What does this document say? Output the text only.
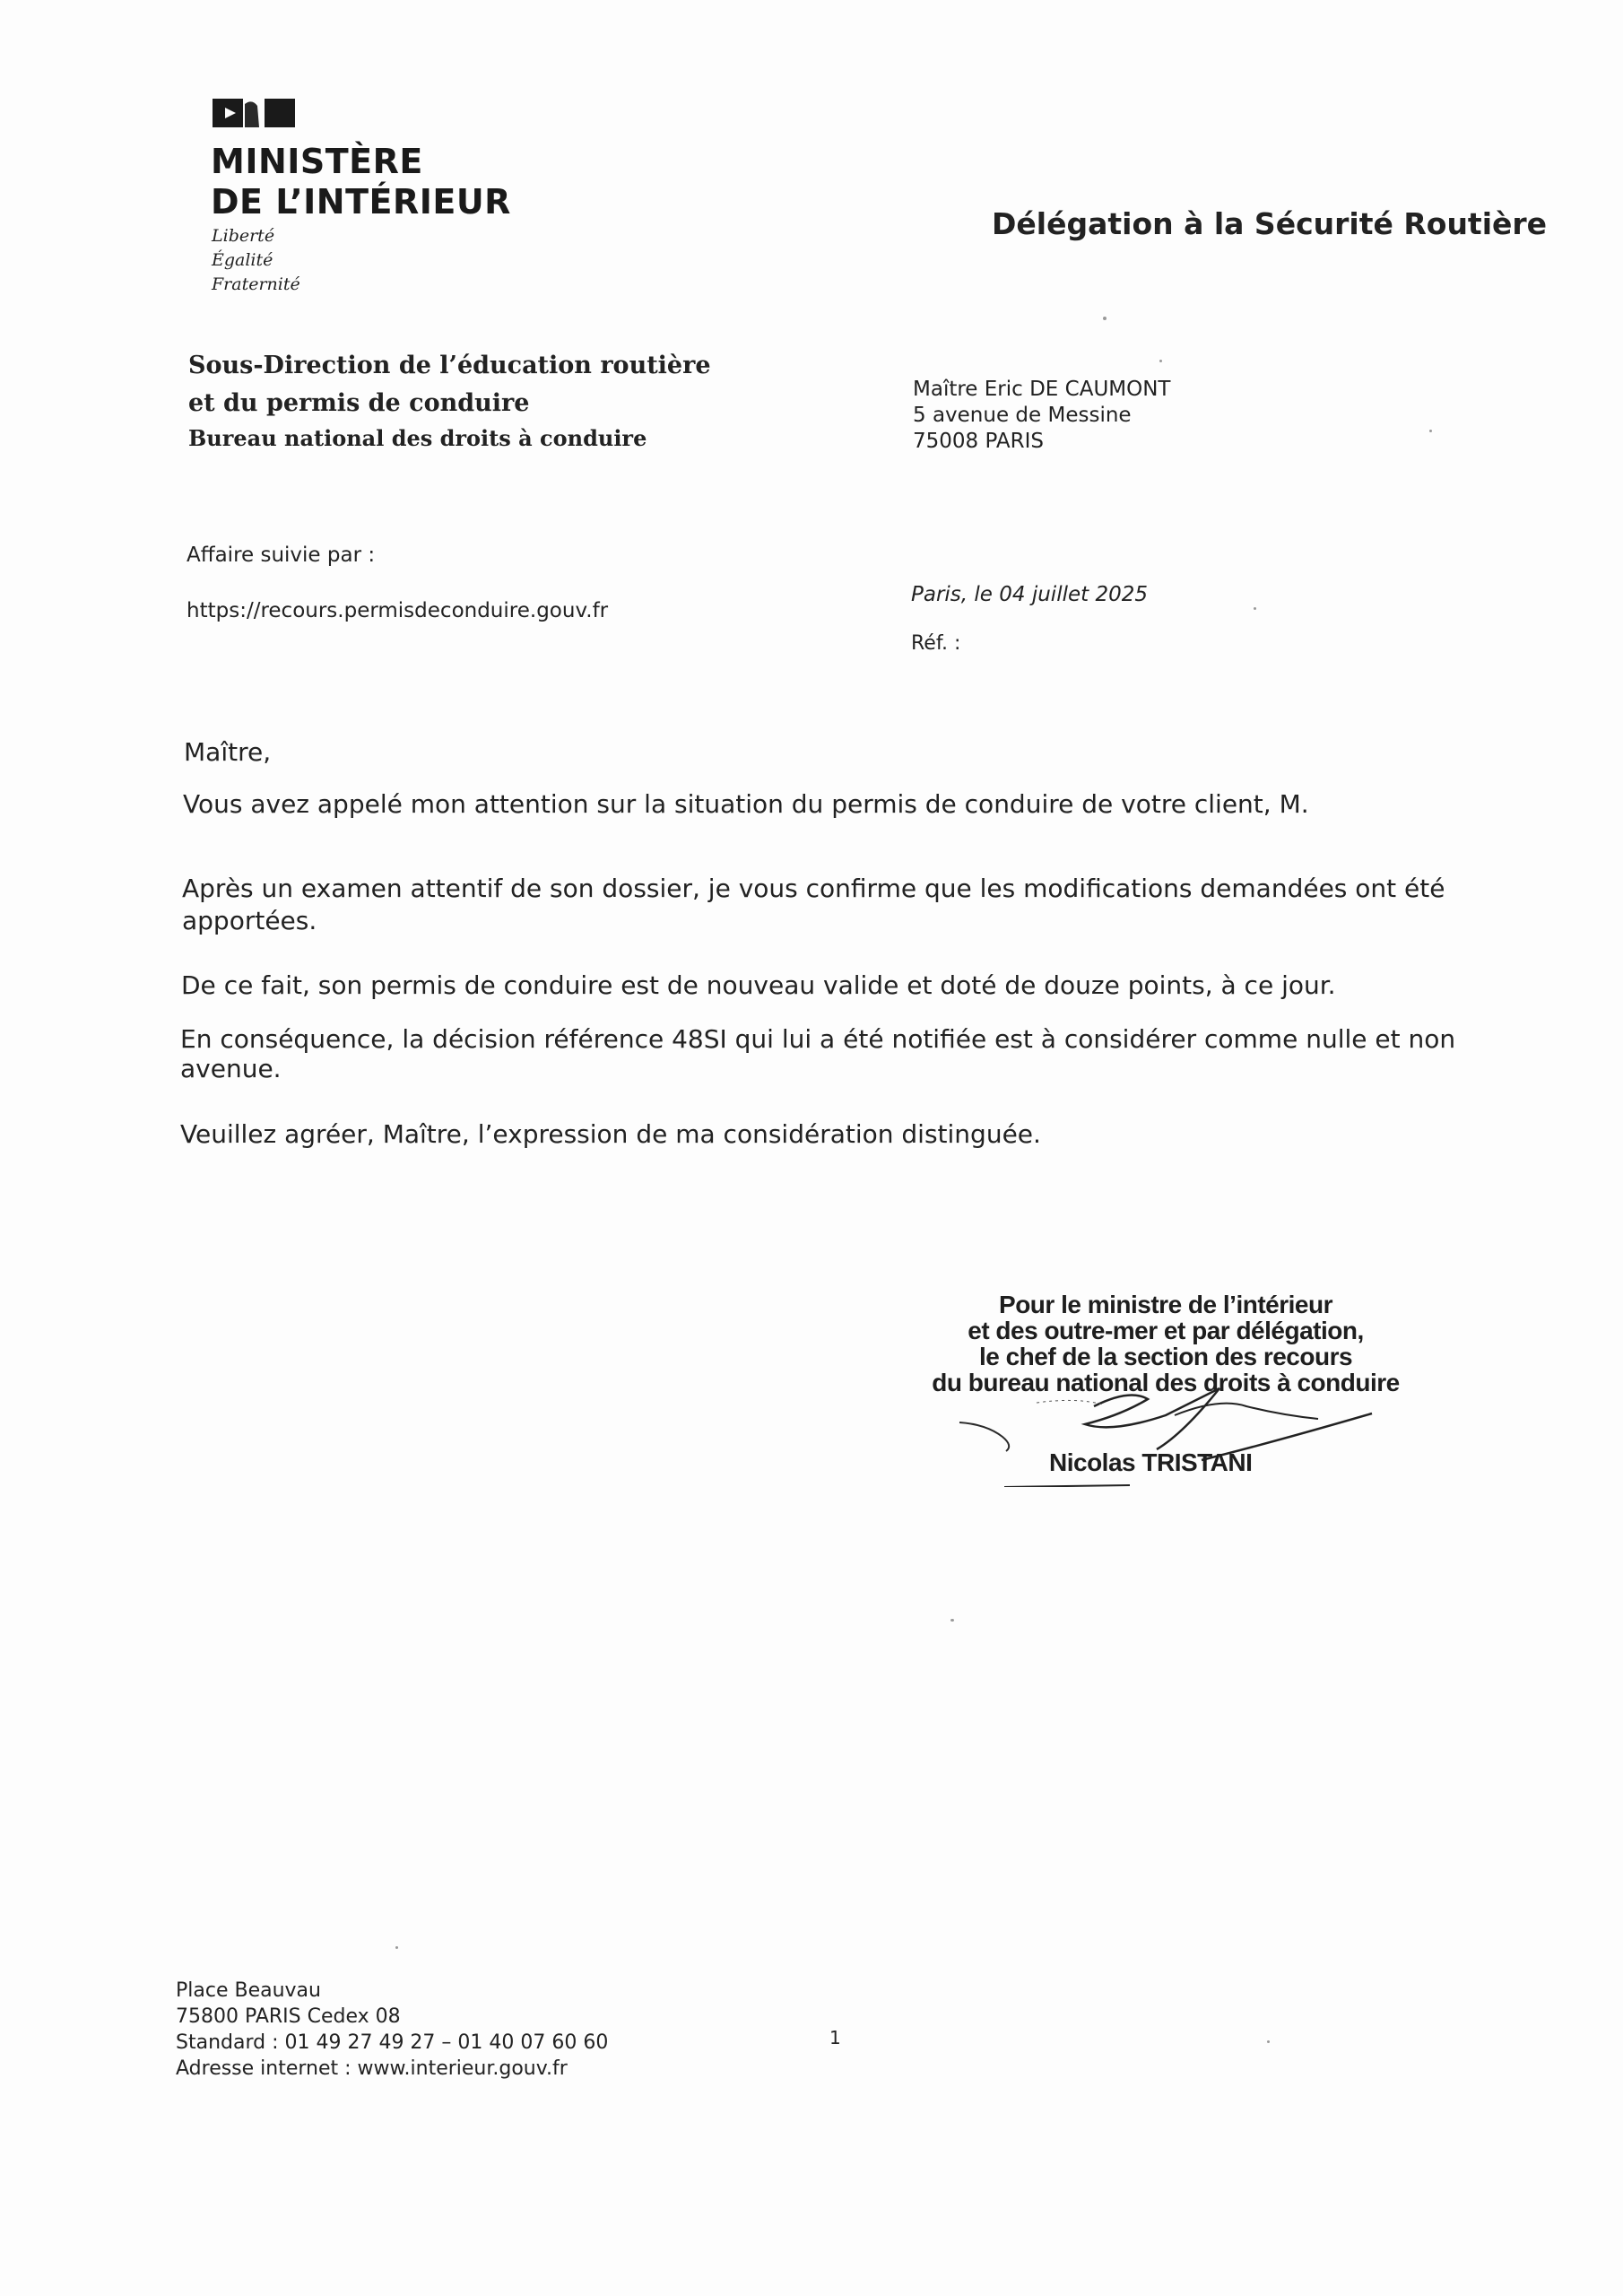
MINISTÈRE
DE L’INTÉRIEUR
Liberté
Égalité
Fraternité
Délégation à la Sécurité Routière
Sous-Direction de l’éducation routière
et du permis de conduire
Bureau national des droits à conduire
Maître Eric DE CAUMONT
5 avenue de Messine
75008 PARIS
Affaire suivie par :
https://recours.permisdeconduire.gouv.fr
Paris, le 04 juillet 2025
Réf. :
Maître,
Vous avez appelé mon attention sur la situation du permis de conduire de votre client, M.
Après un examen attentif de son dossier, je vous confirme que les modifications demandées ont été
apportées.
De ce fait, son permis de conduire est de nouveau valide et doté de douze points, à ce jour.
En conséquence, la décision référence 48SI qui lui a été notifiée est à considérer comme nulle et non
avenue.
Veuillez agréer, Maître, l’expression de ma considération distinguée.
Pour le ministre de l’intérieur
et des outre-mer et par délégation,
le chef de la section des recours
du bureau national des droits à conduire
Nicolas TRISTANI
Place Beauvau
75800 PARIS Cedex 08
Standard : 01 49 27 49 27 – 01 40 07 60 60
Adresse internet : www.interieur.gouv.fr
1
